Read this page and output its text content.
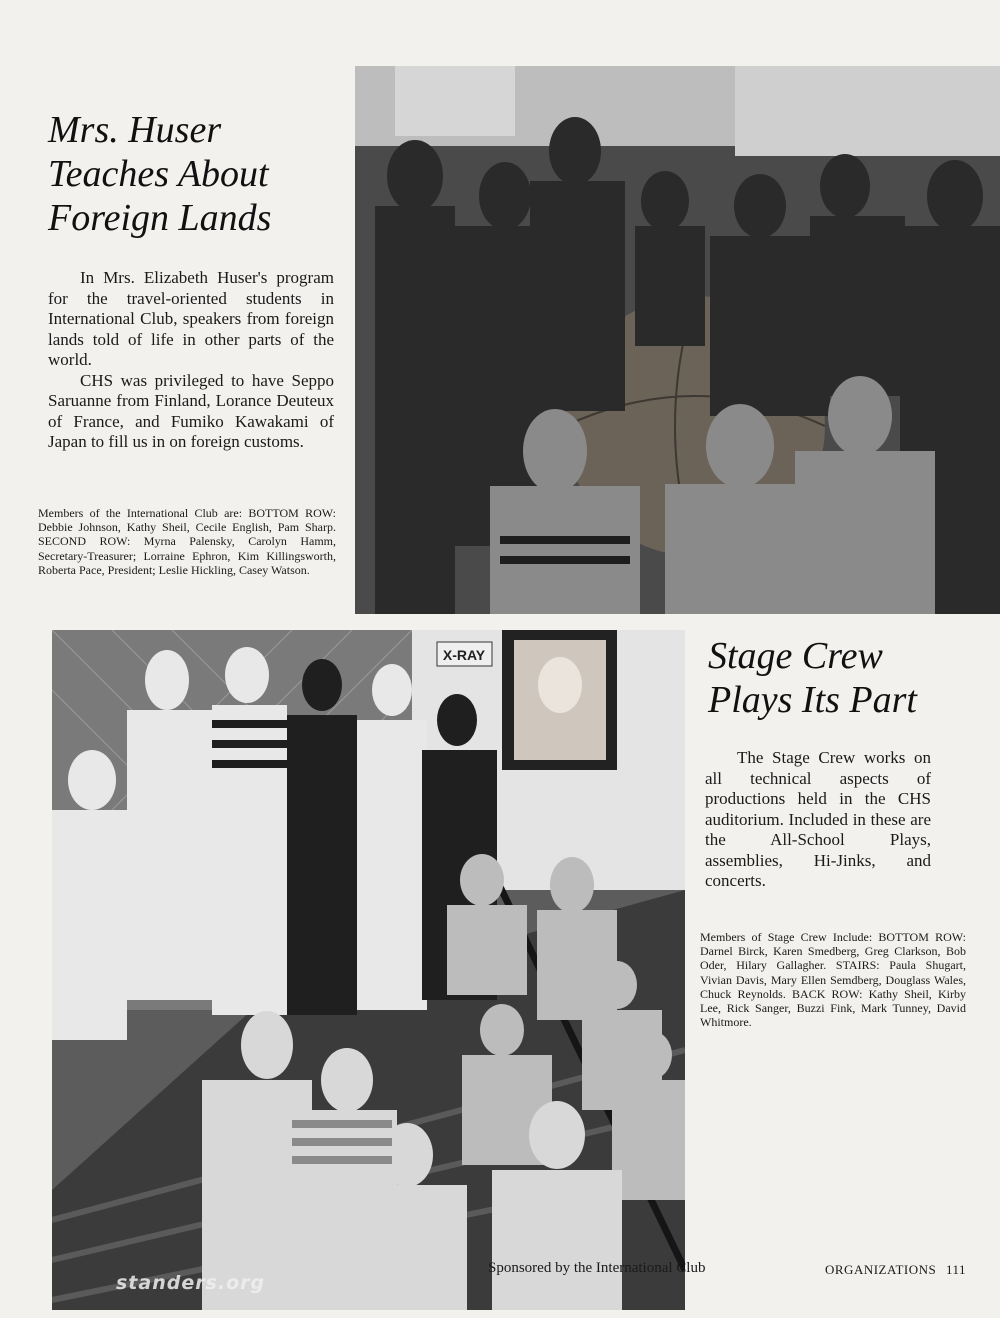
Mrs. Huser
Teaches About
Foreign Lands

In Mrs. Elizabeth Huser's program for the travel-oriented students in International Club, speakers from foreign lands told of life in other parts of the world.

CHS was privileged to have Seppo Saruanne from Finland, Lorance Deuteux of France, and Fumiko Kawakami of Japan to fill us in on foreign customs.

Members of the International Club are: BOTTOM ROW: Debbie Johnson, Kathy Sheil, Cecile English, Pam Sharp. SECOND ROW: Myrna Palensky, Carolyn Hamm, Secretary-Treasurer; Lorraine Ephron, Kim Killingsworth, Roberta Pace, President; Leslie Hickling, Casey Watson.
X-RAY	Stage Crew
Plays Its Part

The Stage Crew works on all technical aspects of productions held in the CHS auditorium. Included in these are the All-School Plays, assemblies, Hi-Jinks, and concerts.

Members of Stage Crew Include: BOTTOM ROW: Darnel Birck, Karen Smedberg, Greg Clarkson, Bob Oder, Hilary Gallagher. STAIRS: Paula Shugart, Vivian Davis, Mary Ellen Semdberg, Douglass Wales, Chuck Reynolds. BACK ROW: Kathy Sheil, Kirby Lee, Rick Sanger, Buzzi Fink, Mark Tunney, David Whitmore.
Sponsored by the International Club	ORGANIZATIONS 111
standers.org
